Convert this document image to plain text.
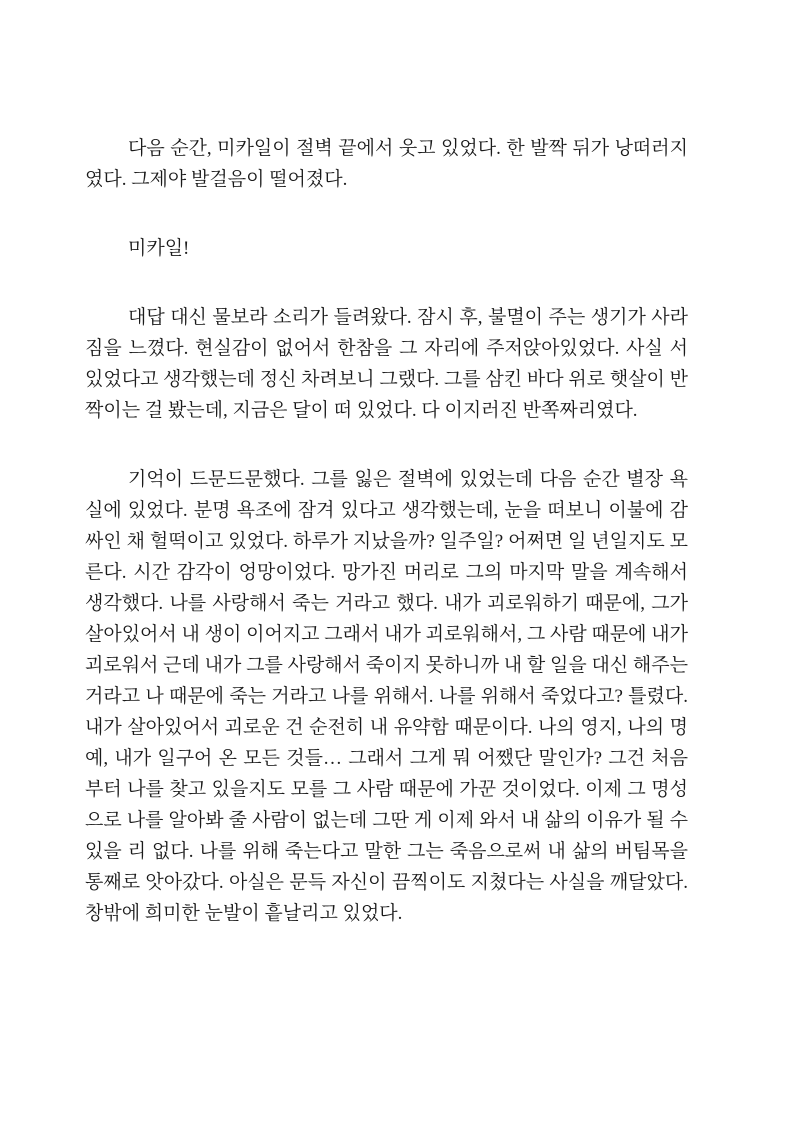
다음 순간, 미카일이 절벽 끝에서 웃고 있었다. 한 발짝 뒤가 낭떠러지였다. 그제야 발걸음이 떨어졌다.

미카일!

대답 대신 물보라 소리가 들려왔다. 잠시 후, 불멸이 주는 생기가 사라짐을 느꼈다. 현실감이 없어서 한참을 그 자리에 주저앉아있었다. 사실 서 있었다고 생각했는데 정신 차려보니 그랬다. 그를 삼킨 바다 위로 햇살이 반짝이는 걸 봤는데, 지금은 달이 떠 있었다. 다 이지러진 반쪽짜리였다.

기억이 드문드문했다. 그를 잃은 절벽에 있었는데 다음 순간 별장 욕실에 있었다. 분명 욕조에 잠겨 있다고 생각했는데, 눈을 떠보니 이불에 감싸인 채 헐떡이고 있었다. 하루가 지났을까? 일주일? 어쩌면 일 년일지도 모른다. 시간 감각이 엉망이었다. 망가진 머리로 그의 마지막 말을 계속해서 생각했다. 나를 사랑해서 죽는 거라고 했다. 내가 괴로워하기 때문에, 그가 살아있어서 내 생이 이어지고 그래서 내가 괴로워해서, 그 사람 때문에 내가 괴로워서 근데 내가 그를 사랑해서 죽이지 못하니까 내 할 일을 대신 해주는 거라고 나 때문에 죽는 거라고 나를 위해서. 나를 위해서 죽었다고? 틀렸다. 내가 살아있어서 괴로운 건 순전히 내 유약함 때문이다. 나의 영지, 나의 명예, 내가 일구어 온 모든 것들… 그래서 그게 뭐 어쨌단 말인가? 그건 처음부터 나를 찾고 있을지도 모를 그 사람 때문에 가꾼 것이었다. 이제 그 명성으로 나를 알아봐 줄 사람이 없는데 그딴 게 이제 와서 내 삶의 이유가 될 수 있을 리 없다. 나를 위해 죽는다고 말한 그는 죽음으로써 내 삶의 버팀목을 통째로 앗아갔다. 아실은 문득 자신이 끔찍이도 지쳤다는 사실을 깨달았다. 창밖에 희미한 눈발이 흩날리고 있었다.
